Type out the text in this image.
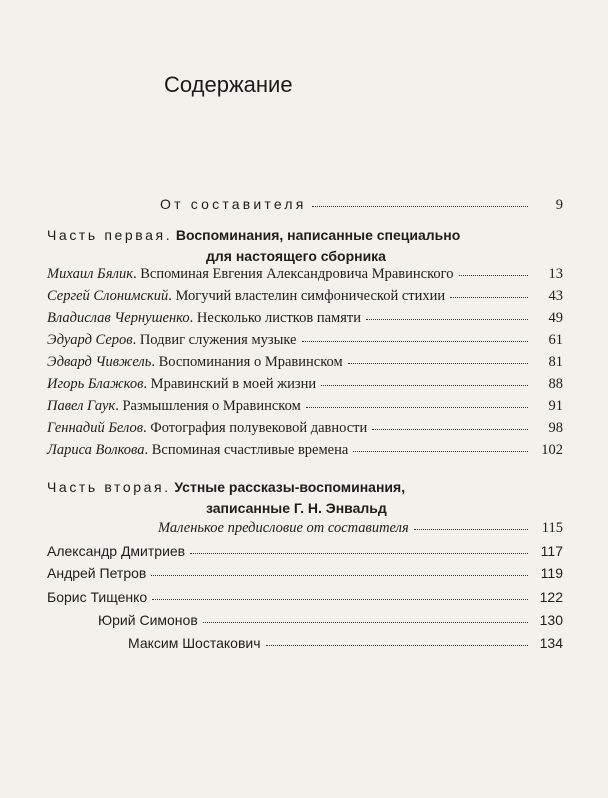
Содержание
От составителя	9
Часть первая. Воспоминания, написанные специально

для настоящего сборника
Михаил Бялик. Вспоминая Евгения Александровича Мравинского	13
Сергей Слонимский. Могучий властелин симфонической стихии	43
Владислав Чернушенко. Несколько листков памяти	49
Эдуард Серов. Подвиг служения музыке	61
Эдвард Чивжель. Воспоминания о Мравинском	81
Игорь Блажков. Мравинский в моей жизни	88
Павел Гаук. Размышления о Мравинском	91
Геннадий Белов. Фотография полувековой давности	98
Лариса Волкова. Вспоминая счастливые времена	102
Часть вторая. Устные рассказы-воспоминания,

записанные Г. Н. Энвальд
Маленькое предисловие от составителя	115
Александр Дмитриев	117
Андрей Петров	119
Борис Тищенко	122
Юрий Симонов	130
Максим Шостакович	134
